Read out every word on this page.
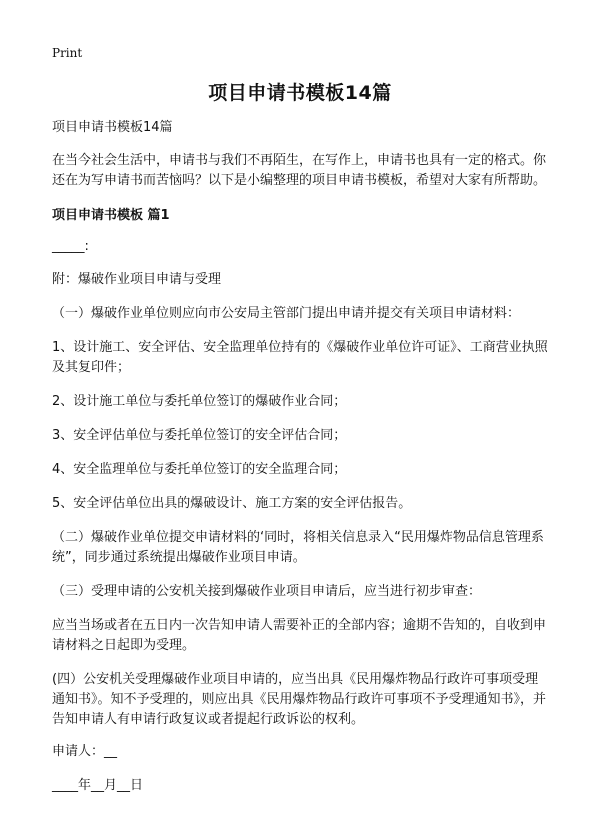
Print
项目申请书模板14篇

项目申请书模板14篇

在当今社会生活中，申请书与我们不再陌生，在写作上，申请书也具有一定的格式。你还在为写申请书而苦恼吗？以下是小编整理的项目申请书模板，希望对大家有所帮助。

项目申请书模板 篇1

_____:

附：爆破作业项目申请与受理

（一）爆破作业单位则应向市公安局主管部门提出申请并提交有关项目申请材料：

1、设计施工、安全评估、安全监理单位持有的《爆破作业单位许可证》、工商营业执照及其复印件；

2、设计施工单位与委托单位签订的爆破作业合同；

3、安全评估单位与委托单位签订的安全评估合同；

4、安全监理单位与委托单位签订的安全监理合同；

5、安全评估单位出具的爆破设计、施工方案的安全评估报告。

（二）爆破作业单位提交申请材料的‘同时，将相关信息录入“民用爆炸物品信息管理系统”，同步通过系统提出爆破作业项目申请。

（三）受理申请的公安机关接到爆破作业项目申请后，应当进行初步审查：

应当当场或者在五日内一次告知申请人需要补正的全部内容；逾期不告知的，自收到申请材料之日起即为受理。

(四）公安机关受理爆破作业项目申请的，应当出具《民用爆炸物品行政许可事项受理通知书》。知不予受理的，则应出具《民用爆炸物品行政许可事项不予受理通知书》，并告知申请人有申请行政复议或者提起行政诉讼的权利。

申请人：__

____年__月__日
